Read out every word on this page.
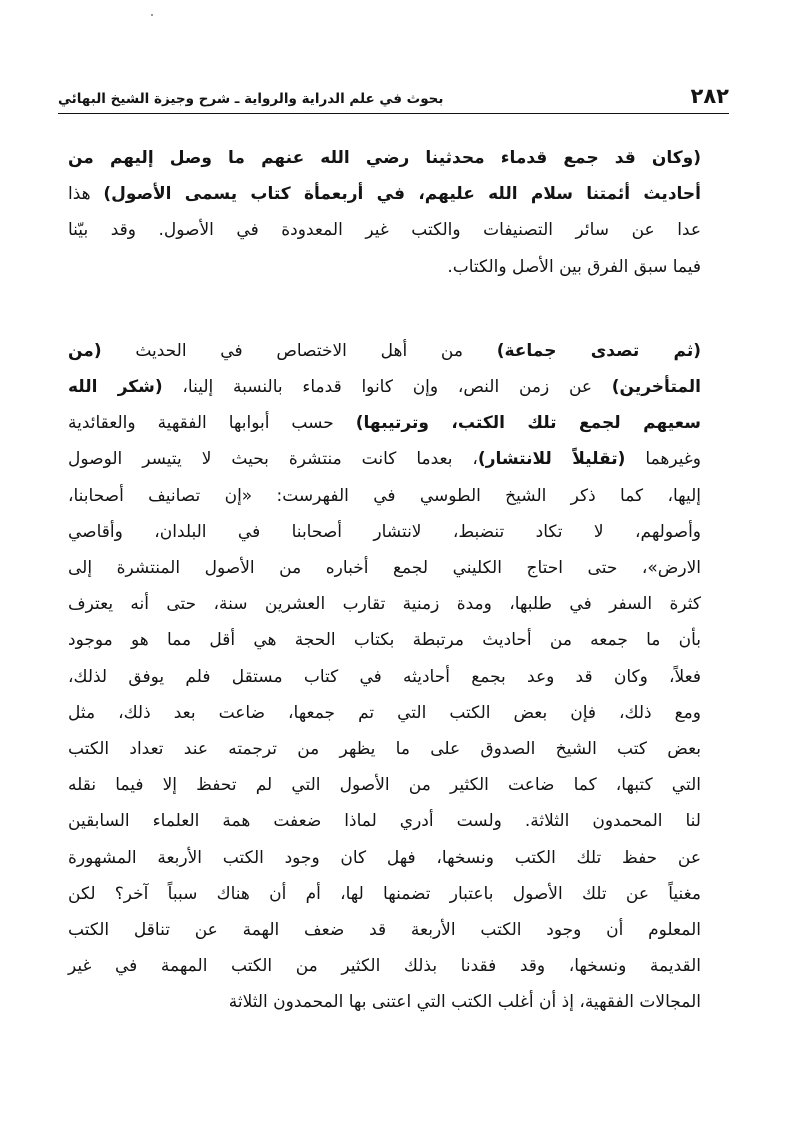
٢٨٢
بحوث في علم الدراية والرواية ـ شرح وجيزة الشيخ البهائي
(وكان قد جمع قدماء محدثينا رضي الله عنهم ما وصل إليهم من
أحاديث أئمتنا سلام الله عليهم، في أربعمأة كتاب يسمى الأصول) هذا
عدا عن سائر التصنيفات والكتب غير المعدودة في الأصول. وقد بيّنا
فيما سبق الفرق بين الأصل والكتاب.
(ثم تصدى جماعة) من أهل الاختصاص في الحديث (من
المتأخرين) عن زمن النص، وإن كانوا قدماء بالنسبة إلينا، (شكر الله
سعيهم لجمع تلك الكتب، وترتيبها) حسب أبوابها الفقهية والعقائدية
وغيرهما (تقليلاً للانتشار)، بعدما كانت منتشرة بحيث لا يتيسر الوصول
إليها، كما ذكر الشيخ الطوسي في الفهرست: «إن تصانيف أصحابنا،
وأصولهم، لا تكاد تنضبط، لانتشار أصحابنا في البلدان، وأقاصي
الارض»، حتى احتاج الكليني لجمع أخباره من الأصول المنتشرة إلى
كثرة السفر في طلبها، ومدة زمنية تقارب العشرين سنة، حتى أنه يعترف
بأن ما جمعه من أحاديث مرتبطة بكتاب الحجة هي أقل مما هو موجود
فعلاً، وكان قد وعد بجمع أحاديثه في كتاب مستقل فلم يوفق لذلك،
ومع ذلك، فإن بعض الكتب التي تم جمعها، ضاعت بعد ذلك، مثل
بعض كتب الشيخ الصدوق على ما يظهر من ترجمته عند تعداد الكتب
التي كتبها، كما ضاعت الكثير من الأصول التي لم تحفظ إلا فيما نقله
لنا المحمدون الثلاثة. ولست أدري لماذا ضعفت همة العلماء السابقين
عن حفظ تلك الكتب ونسخها، فهل كان وجود الكتب الأربعة المشهورة
مغنياً عن تلك الأصول باعتبار تضمنها لها، أم أن هناك سبباً آخر؟ لكن
المعلوم أن وجود الكتب الأربعة قد ضعف الهمة عن تناقل الكتب
القديمة ونسخها، وقد فقدنا بذلك الكثير من الكتب المهمة في غير
المجالات الفقهية، إذ أن أغلب الكتب التي اعتنى بها المحمدون الثلاثة
